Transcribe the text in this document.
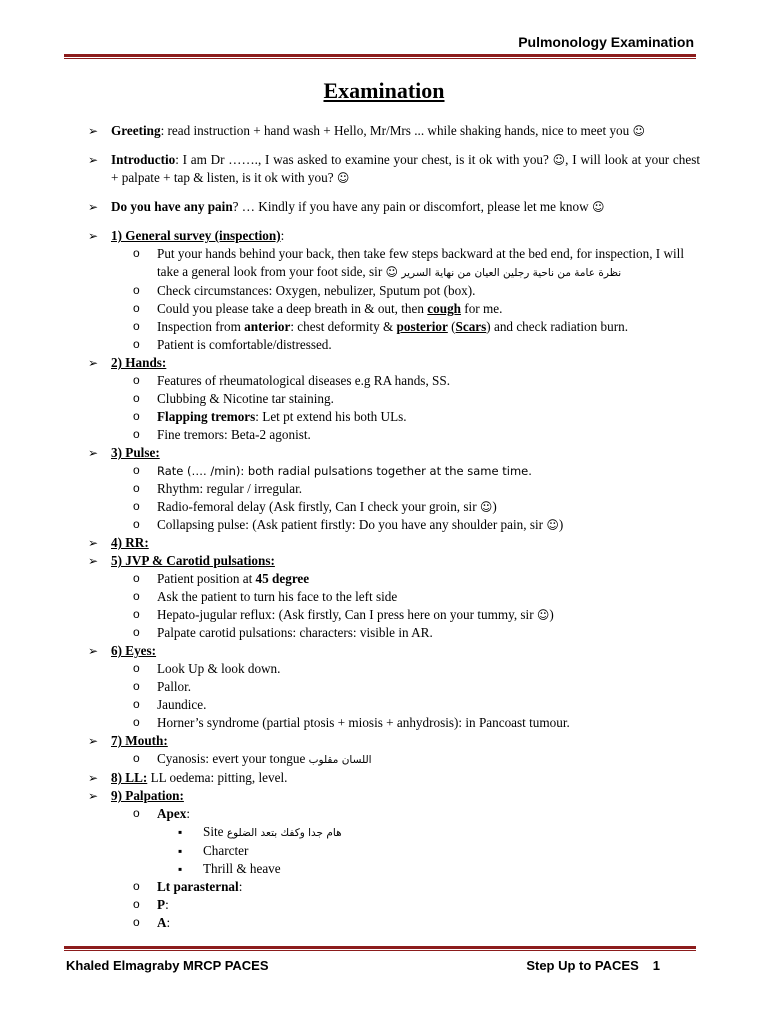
Pulmonology Examination
Examination
➢ Greeting: read instruction + hand wash + Hello, Mr/Mrs ... while shaking hands, nice to meet you ☺
➢ Introductio: I am Dr ……., I was asked to examine your chest, is it ok with you? ☺, I will look at your chest + palpate + tap & listen, is it ok with you? ☺
➢ Do you have any pain? … Kindly if you have any pain or discomfort, please let me know ☺
➢ 1) General survey (inspection):
o Put your hands behind your back, then take few steps backward at the bed end, for inspection, I will take a general look from your foot side, sir ☺ نظرة عامة من ناحية رجلين العيان من نهاية السرير
o Check circumstances: Oxygen, nebulizer, Sputum pot (box).
o Could you please take a deep breath in & out, then cough for me.
o Inspection from anterior: chest deformity & posterior (Scars) and check radiation burn.
o Patient is comfortable/distressed.
➢ 2) Hands:
o Features of rheumatological diseases e.g RA hands, SS.
o Clubbing & Nicotine tar staining.
o Flapping tremors: Let pt extend his both ULs.
o Fine tremors: Beta-2 agonist.
➢ 3) Pulse:
o Rate (…. /min): both radial pulsations together at the same time.
o Rhythm: regular / irregular.
o Radio-femoral delay (Ask firstly, Can I check your groin, sir ☺)
o Collapsing pulse: (Ask patient firstly: Do you have any shoulder pain, sir ☺)
➢ 4) RR:
➢ 5) JVP & Carotid pulsations:
o Patient position at 45 degree
o Ask the patient to turn his face to the left side
o Hepato-jugular reflux: (Ask firstly, Can I press here on your tummy, sir ☺)
o Palpate carotid pulsations: characters: visible in AR.
➢ 6) Eyes:
o Look Up & look down.
o Pallor.
o Jaundice.
o Horner’s syndrome (partial ptosis + miosis + anhydrosis): in Pancoast tumour.
➢ 7) Mouth:
o Cyanosis: evert your tongue اللسان مقلوب
➢ 8) LL: LL oedema: pitting, level.
➢ 9) Palpation:
o Apex:
▪ Site هام جدا وكفك بتعد الضلوع
▪ Charcter
▪ Thrill & heave
o Lt parasternal:
o P:
o A:
Khaled Elmagraby MRCP PACES	Step Up to PACES 1
